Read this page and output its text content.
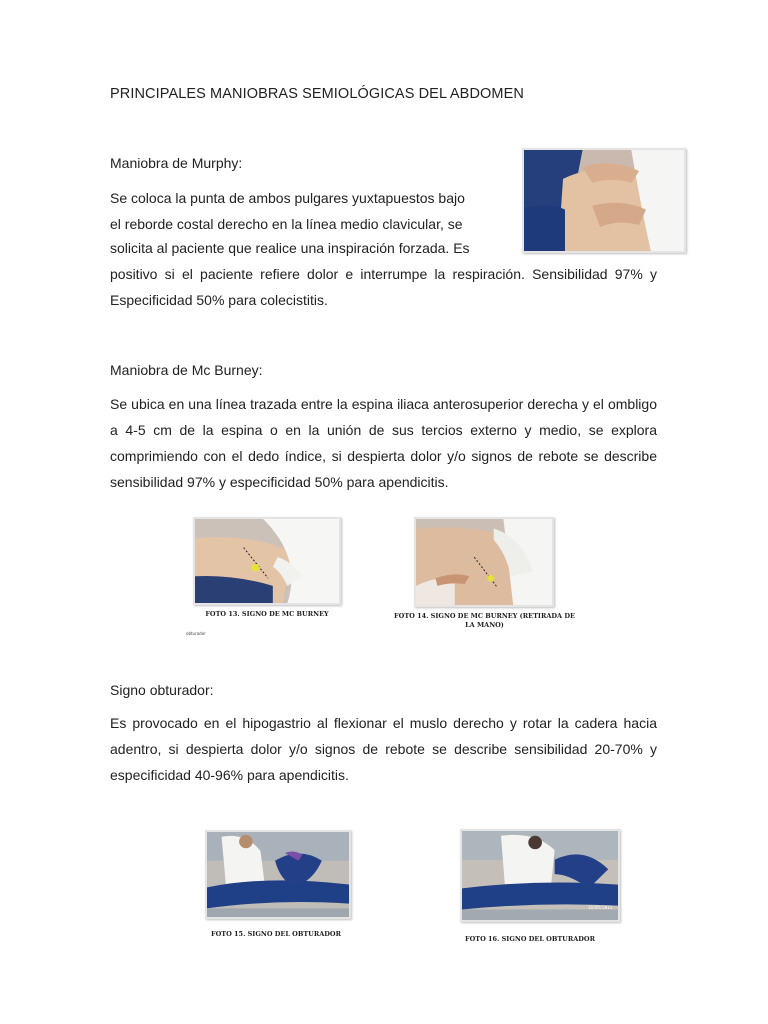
PRINCIPALES MANIOBRAS SEMIOLÓGICAS DEL ABDOMEN
Maniobra de Murphy:
Se coloca la punta de ambos pulgares yuxtapuestos bajo
el reborde costal derecho en la línea medio clavicular, se
solicita al paciente que realice una inspiración forzada. Es
positivo si el paciente refiere dolor e interrumpe la respiración. Sensibilidad 97% y Especificidad 50% para colecistitis.
Maniobra de Mc Burney:
Se ubica en una línea trazada entre la espina iliaca anterosuperior derecha y el ombligo a 4-5 cm de la espina o en la unión de sus tercios externo y medio, se explora comprimiendo con el dedo índice, si despierta dolor y/o signos de rebote se describe sensibilidad 97% y especificidad 50% para apendicitis.
FOTO 13. SIGNO DE MC BURNEY
obturador
FOTO 14. SIGNO DE MC BURNEY (RETIRADA DE LA MANO)
Signo obturador:
Es provocado en el hipogastrio al flexionar el muslo derecho y rotar la cadera hacia adentro, si despierta dolor y/o signos de rebote se describe sensibilidad 20-70% y especificidad 40-96% para apendicitis.
FOTO 15. SIGNO DEL OBTURADOR
18/05/2013
FOTO 16. SIGNO DEL OBTURADOR
